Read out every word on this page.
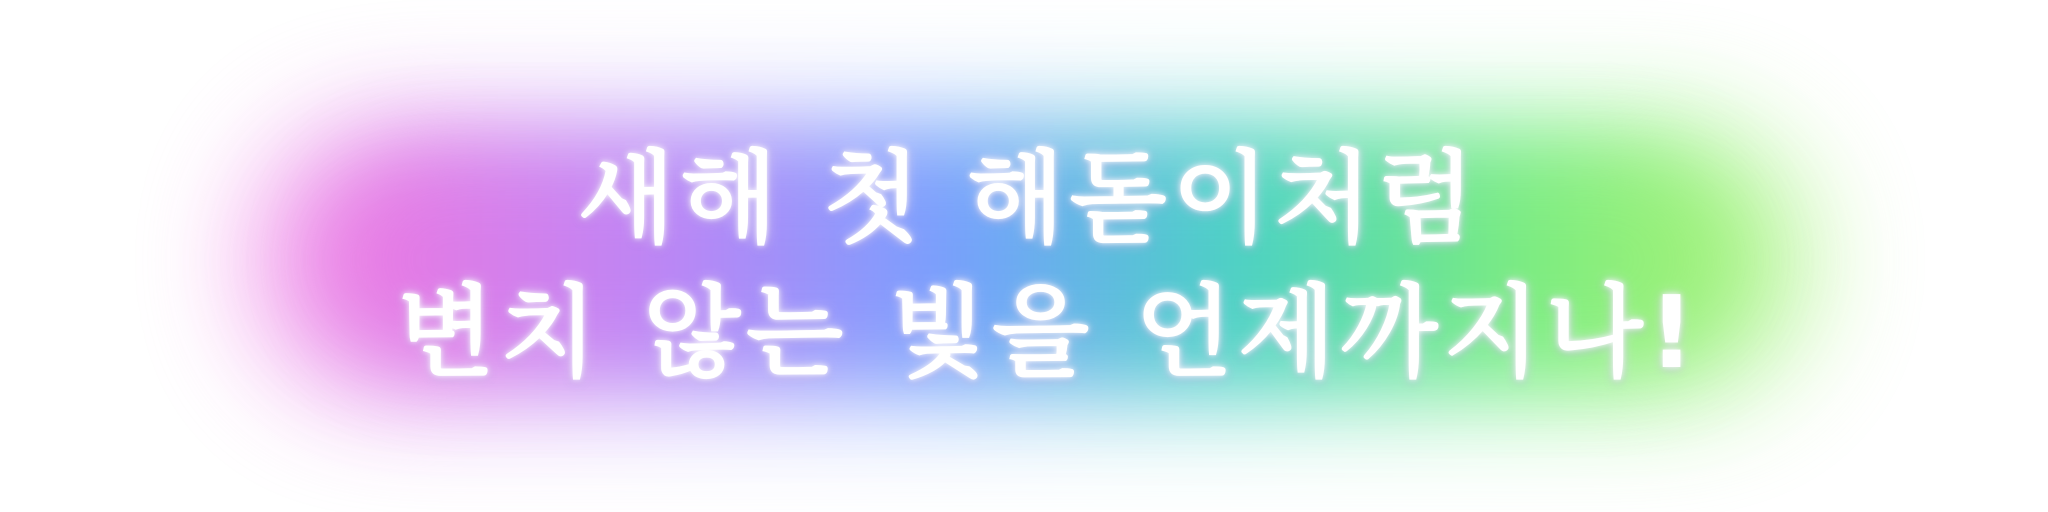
새해 첫 해돋이처럼
변치 않는 빛을 언제까지나!
